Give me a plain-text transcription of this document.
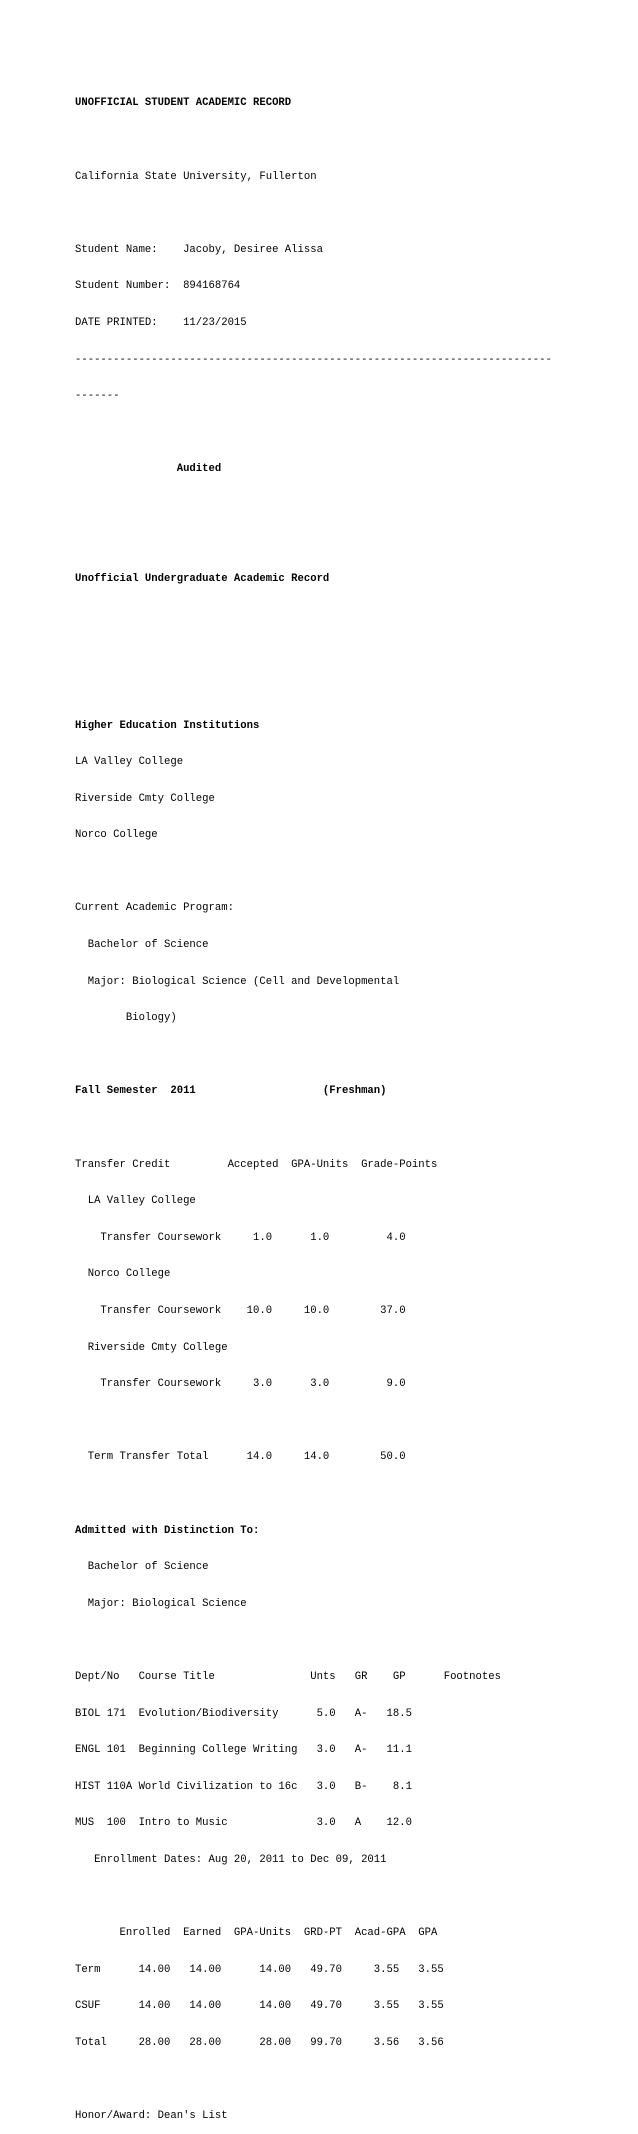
UNOFFICIAL STUDENT ACADEMIC RECORD

California State University, Fullerton

Student Name:    Jacoby, Desiree Alissa

Student Number:  894168764

DATE PRINTED:    11/23/2015

---------------------------------------------------------------------------

-------

Audited

Unofficial Undergraduate Academic Record

Higher Education Institutions

LA Valley College

Riverside Cmty College

Norco College

Current Academic Program:

Bachelor of Science

Major: Biological Science (Cell and Developmental

Biology)

Fall Semester  2011                    (Freshman)

Transfer Credit         Accepted  GPA-Units  Grade-Points

LA Valley College

Transfer Coursework     1.0      1.0         4.0

Norco College

Transfer Coursework    10.0     10.0        37.0

Riverside Cmty College

Transfer Coursework     3.0      3.0         9.0

Term Transfer Total      14.0     14.0        50.0

Admitted with Distinction To:

Bachelor of Science

Major: Biological Science

Dept/No   Course Title               Unts   GR    GP      Footnotes

BIOL 171  Evolution/Biodiversity      5.0   A-   18.5

ENGL 101  Beginning College Writing   3.0   A-   11.1

HIST 110A World Civilization to 16c   3.0   B-    8.1

MUS  100  Intro to Music              3.0   A    12.0

Enrollment Dates: Aug 20, 2011 to Dec 09, 2011

Enrolled  Earned  GPA-Units  GRD-PT  Acad-GPA  GPA

Term      14.00   14.00      14.00   49.70     3.55   3.55

CSUF      14.00   14.00      14.00   49.70     3.55   3.55

Total     28.00   28.00      28.00   99.70     3.56   3.56

Honor/Award: Dean's List
